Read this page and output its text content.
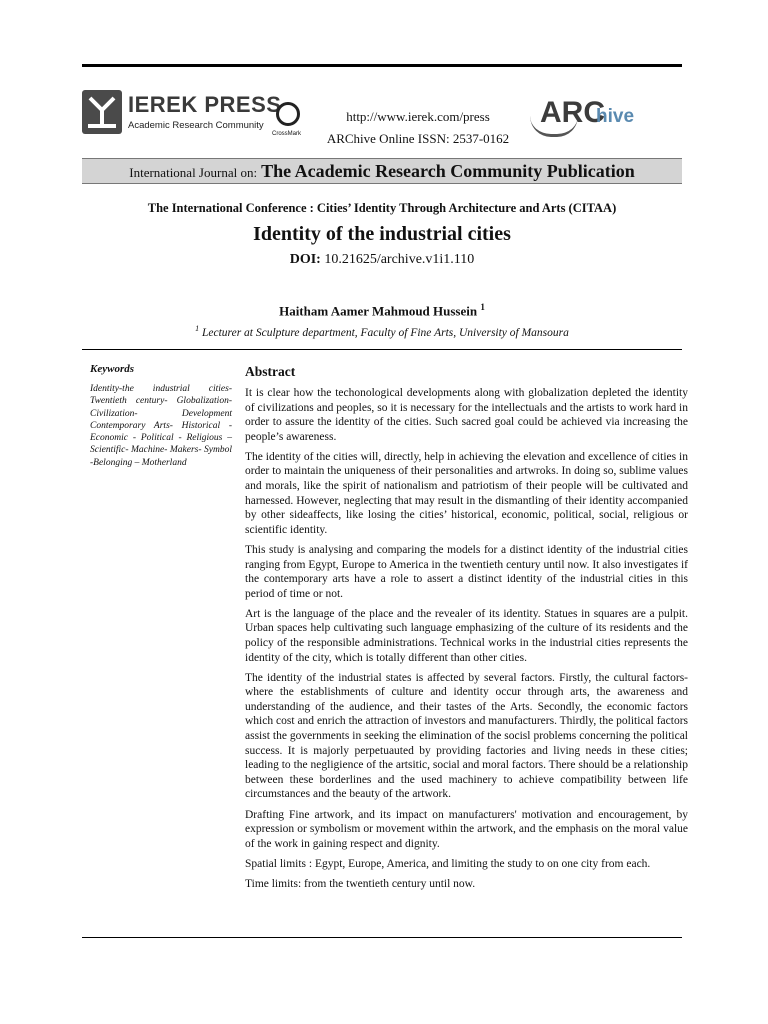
IEREK PRESS
Academic Research Community
CrossMark
http://www.ierek.com/press
ARChive Online ISSN: 2537-0162
ARC
hive
International Journal on: The Academic Research Community Publication
The International Conference : Cities’ Identity Through Architecture and Arts (CITAA)
Identity of the industrial cities
DOI: 10.21625/archive.v1i1.110
Haitham Aamer Mahmoud Hussein $^1$
$^1$ Lecturer at Sculpture department, Faculty of Fine Arts, University of Mansoura
Keywords
Identity-the industrial cities- Twentieth century- Globalization- Civilization- Development Contemporary Arts- Historical - Economic - Political - Religious – Scientific- Machine- Makers- Symbol -Belonging – Motherland
Abstract

It is clear how the techonological developments along with globalization depleted the identity of civilizations and peoples, so it is necessary for the intellectuals and the artists to work hard in order to assure the identity of the cities. Such sacred goal could be achieved via increasing the people’s awareness.

The identity of the cities will, directly, help in achieving the elevation and excellence of cities in order to maintain the uniqueness of their personalities and artwroks. In doing so, sublime values and morals, like the spirit of nationalism and patriotism of their people will be cultivated and harnessed. However, neglecting that may result in the dismantling of their identity accompanied by other sideaffects, like losing the cities’ historical, economic, political, social, religious or scientific identity.

This study is analysing and comparing the models for a distinct identity of the industrial cities ranging from Egypt, Europe to America in the twentieth century until now. It also investigates if the contemporary arts have a role to assert a distinct identity of the industrial cities in this period of time or not.

Art is the language of the place and the revealer of its identity. Statues in squares are a pulpit. Urban spaces help cultivating such language emphasizing of the culture of its residents and the policy of the responsible administrations. Technical works in the industrial cities represents the identity of the city, which is totally different than other cities.

The identity of the industrial states is affected by several factors. Firstly, the cultural factors- where the establishments of culture and identity occur through arts, the awareness and understanding of the audience, and their tastes of the Arts. Secondly, the economic factors which cost and enrich the attraction of investors and manufacturers. Thirdly, the political factors assist the governments in seeking the elimination of the socisl problems concerning the political success. It is majorly perpetuauted by providing factories and living needs in these cities; leading to the negligience of the artsitic, social and moral factors. There should be a relationship between these borderlines and the used machinery to achieve compatibility between life circumstances and the beauty of the artwork.

Drafting Fine artwork, and its impact on manufacturers' motivation and encouragement, by expression or symbolism or movement within the artwork, and the emphasis on the moral value of the work in gaining respect and dignity.

Spatial limits : Egypt, Europe, America, and limiting the study to on one city from each.

Time limits: from the twentieth century until now.
